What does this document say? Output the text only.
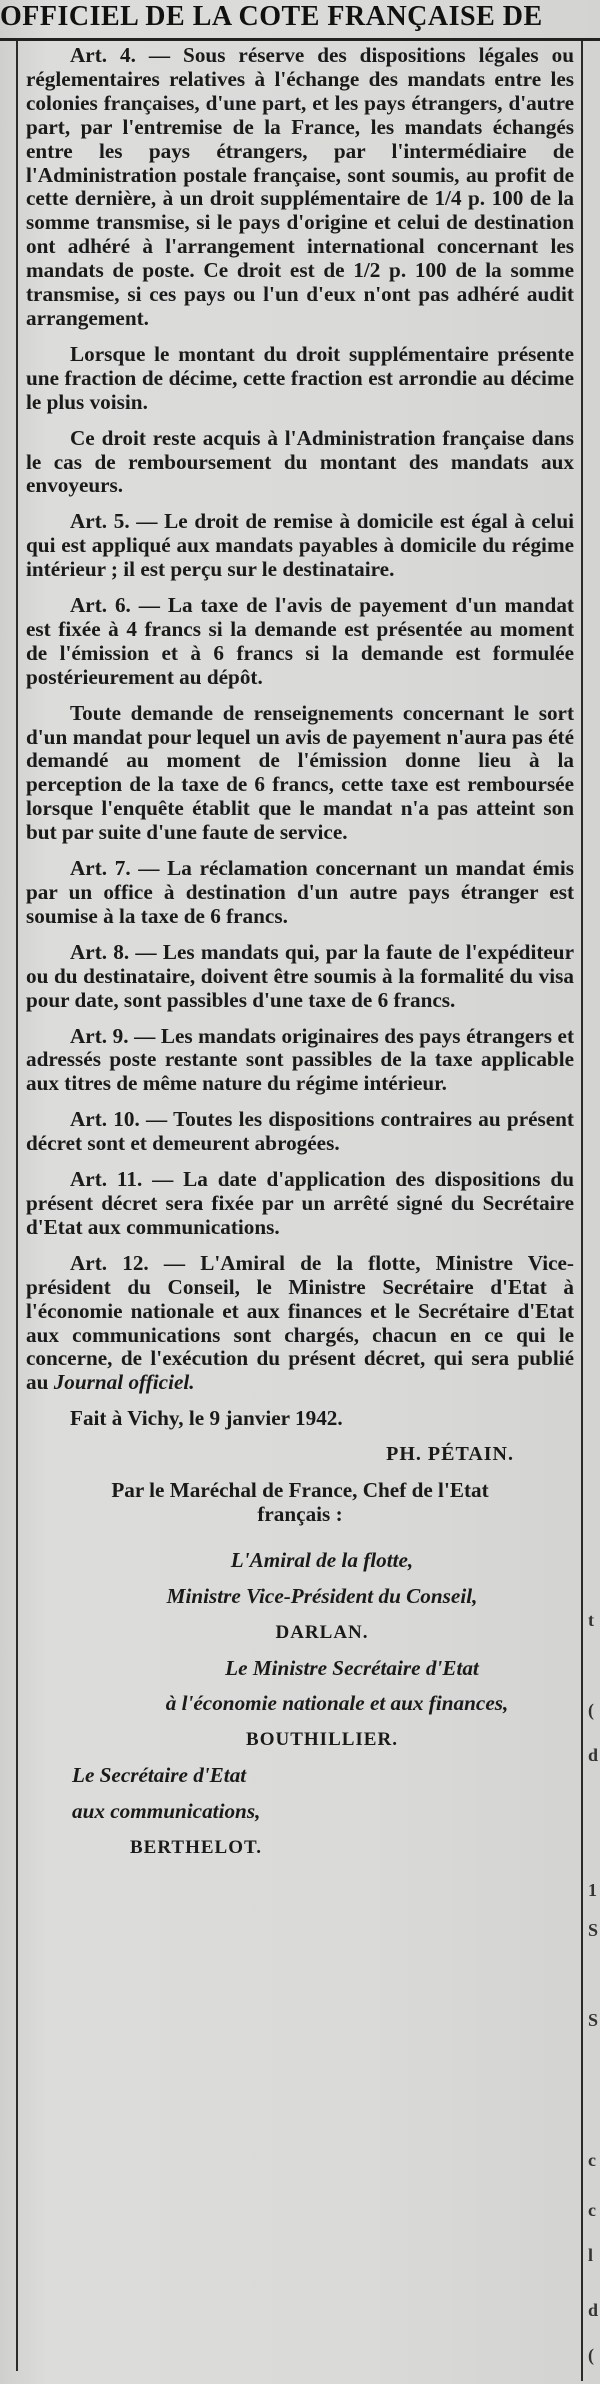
OFFICIEL DE LA COTE FRANÇAISE DE

Art. 4. — Sous réserve des dispositions légales ou réglementaires relatives à l'échange des mandats entre les colonies françaises, d'une part, et les pays étrangers, d'autre part, par l'entremise de la France, les mandats échangés entre les pays étrangers, par l'intermédiaire de l'Administration postale française, sont soumis, au profit de cette dernière, à un droit supplémentaire de 1/4 p. 100 de la somme transmise, si le pays d'origine et celui de destination ont adhéré à l'arrangement international concernant les mandats de poste. Ce droit est de 1/2 p. 100 de la somme transmise, si ces pays ou l'un d'eux n'ont pas adhéré audit arrangement.

Lorsque le montant du droit supplémentaire présente une fraction de décime, cette fraction est arrondie au décime le plus voisin.

Ce droit reste acquis à l'Administration française dans le cas de remboursement du montant des mandats aux envoyeurs.

Art. 5. — Le droit de remise à domicile est égal à celui qui est appliqué aux mandats payables à domicile du régime intérieur ; il est perçu sur le destinataire.

Art. 6. — La taxe de l'avis de payement d'un mandat est fixée à 4 francs si la demande est présentée au moment de l'émission et à 6 francs si la demande est formulée postérieurement au dépôt.

Toute demande de renseignements concernant le sort d'un mandat pour lequel un avis de payement n'aura pas été demandé au moment de l'émission donne lieu à la perception de la taxe de 6 francs, cette taxe est remboursée lorsque l'enquête établit que le mandat n'a pas atteint son but par suite d'une faute de service.

Art. 7. — La réclamation concernant un mandat émis par un office à destination d'un autre pays étranger est soumise à la taxe de 6 francs.

Art. 8. — Les mandats qui, par la faute de l'expéditeur ou du destinataire, doivent être soumis à la formalité du visa pour date, sont passibles d'une taxe de 6 francs.

Art. 9. — Les mandats originaires des pays étrangers et adressés poste restante sont passibles de la taxe applicable aux titres de même nature du régime intérieur.

Art. 10. — Toutes les dispositions contraires au présent décret sont et demeurent abrogées.

Art. 11. — La date d'application des dispositions du présent décret sera fixée par un arrêté signé du Secrétaire d'Etat aux communications.

Art. 12. — L'Amiral de la flotte, Ministre Vice-président du Conseil, le Ministre Secrétaire d'Etat à l'économie nationale et aux finances et le Secrétaire d'Etat aux communications sont chargés, chacun en ce qui le concerne, de l'exécution du présent décret, qui sera publié au Journal officiel.

Fait à Vichy, le 9 janvier 1942.

PH. PÉTAIN.

Par le Maréchal de France, Chef de l'Etat
français :

L'Amiral de la flotte,

Ministre Vice-Président du Conseil,

DARLAN.

Le Ministre Secrétaire d'Etat

à l'économie nationale et aux finances,

BOUTHILLIER.

Le Secrétaire d'Etat

aux communications,

BERTHELOT.

t
(
d
1
S
S
c
c
l
d
(
